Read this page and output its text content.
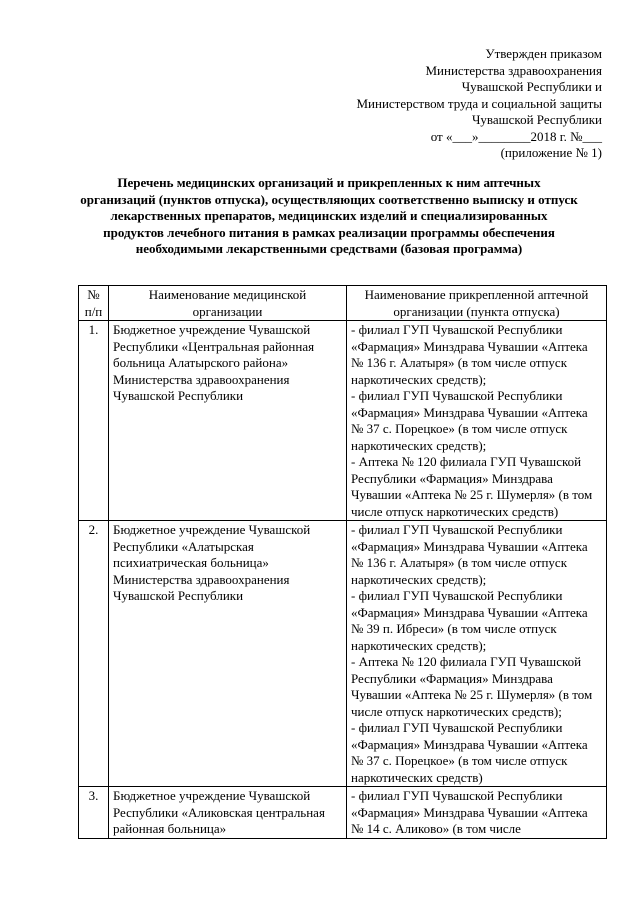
Утвержден приказом
Министерства здравоохранения
Чувашской Республики и
Министерством труда и социальной защиты
Чувашской Республики
от «___»________2018 г. №___
(приложение № 1)
Перечень медицинских организаций и прикрепленных к ним аптечных организаций (пунктов отпуска), осуществляющих соответственно выписку и отпуск лекарственных препаратов, медицинских изделий и специализированных продуктов лечебного питания в рамках реализации программы обеспечения необходимыми лекарственными средствами (базовая программа)
№ п/п	Наименование медицинской организации	Наименование прикрепленной аптечной организации (пункта отпуска)
1.	Бюджетное учреждение Чувашской Республики «Центральная районная больница Алатырского района» Министерства здравоохранения Чувашской Республики	- филиал ГУП Чувашской Республики «Фармация» Минздрава Чувашии «Аптека № 136 г. Алатыря» (в том числе отпуск наркотических средств);
- филиал ГУП Чувашской Республики «Фармация» Минздрава Чувашии «Аптека № 37 с. Порецкое» (в том числе отпуск наркотических средств);
- Аптека № 120 филиала ГУП Чувашской Республики «Фармация» Минздрава Чувашии «Аптека № 25 г. Шумерля» (в том числе отпуск наркотических средств)

2.	Бюджетное учреждение Чувашской Республики «Алатырская психиатрическая больница» Министерства здравоохранения Чувашской Республики	- филиал ГУП Чувашской Республики «Фармация» Минздрава Чувашии «Аптека № 136 г. Алатыря» (в том числе отпуск наркотических средств);
- филиал ГУП Чувашской Республики «Фармация» Минздрава Чувашии «Аптека № 39 п. Ибреси» (в том числе отпуск наркотических средств);
- Аптека № 120 филиала ГУП Чувашской Республики «Фармация» Минздрава Чувашии «Аптека № 25 г. Шумерля» (в том числе отпуск наркотических средств);
- филиал ГУП Чувашской Республики «Фармация» Минздрава Чувашии «Аптека № 37 с. Порецкое» (в том числе отпуск наркотических средств)

3.	Бюджетное учреждение Чувашской Республики «Аликовская центральная районная больница»	- филиал ГУП Чувашской Республики «Фармация» Минздрава Чувашии «Аптека № 14 с. Аликово» (в том числе
